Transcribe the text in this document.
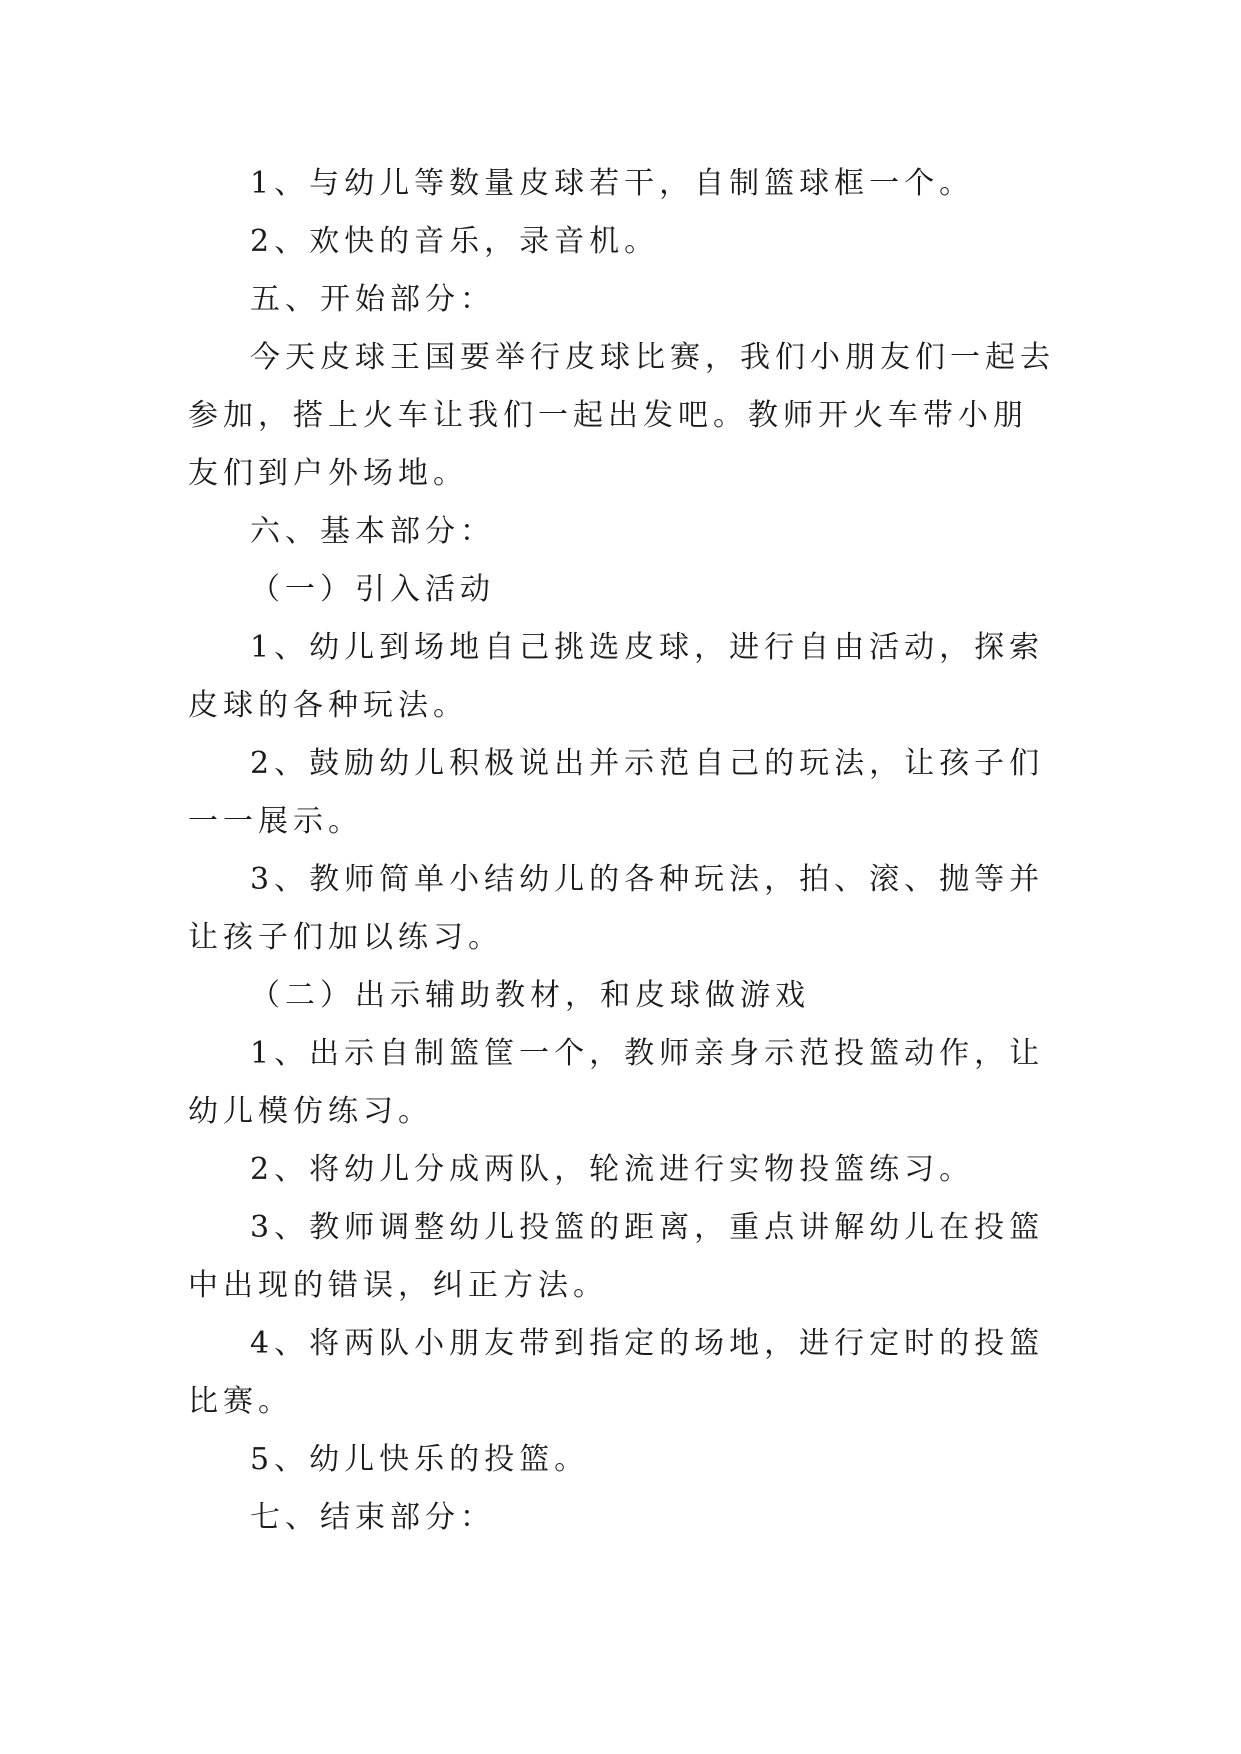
1、与幼儿等数量皮球若干，自制篮球框一个。

2、欢快的音乐，录音机。

五、开始部分：

今天皮球王国要举行皮球比赛，我们小朋友们一起去参加，搭上火车让我们一起出发吧。教师开火车带小朋友们到户外场地。

六、基本部分：

（一）引入活动

1、幼儿到场地自己挑选皮球，进行自由活动，探索皮球的各种玩法。

2、鼓励幼儿积极说出并示范自己的玩法，让孩子们一一展示。

3、教师简单小结幼儿的各种玩法，拍、滚、抛等并让孩子们加以练习。

（二）出示辅助教材，和皮球做游戏

1、出示自制篮筐一个，教师亲身示范投篮动作，让幼儿模仿练习。

2、将幼儿分成两队，轮流进行实物投篮练习。

3、教师调整幼儿投篮的距离，重点讲解幼儿在投篮中出现的错误，纠正方法。

4、将两队小朋友带到指定的场地，进行定时的投篮比赛。

5、幼儿快乐的投篮。

七、结束部分：
